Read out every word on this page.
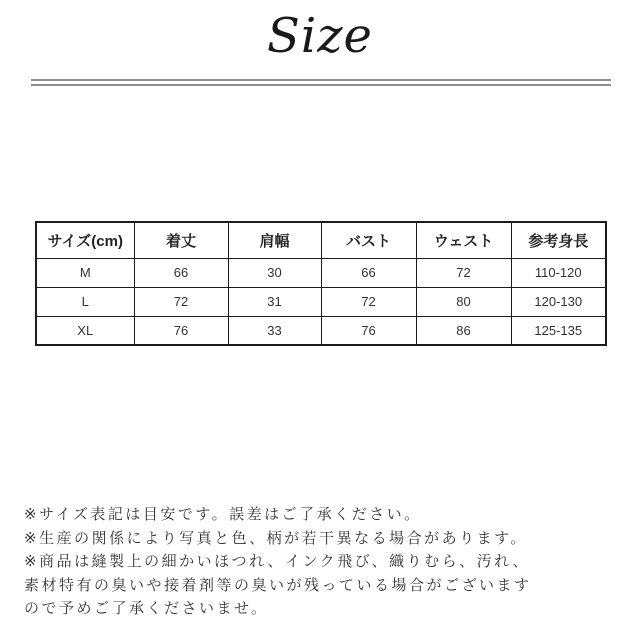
Size
サイズ(cm)	着丈	肩幅	バスト	ウェスト	参考身長
M	66	30	66	72	110-120
L	72	31	72	80	120-130
XL	76	33	76	86	125-135

※サイズ表記は目安です。誤差はご了承ください。

※生産の関係により写真と色、柄が若干異なる場合があります。

※商品は縫製上の細かいほつれ、インク飛び、織りむら、汚れ、

素材特有の臭いや接着剤等の臭いが残っている場合がございます

ので予めご了承くださいませ。
